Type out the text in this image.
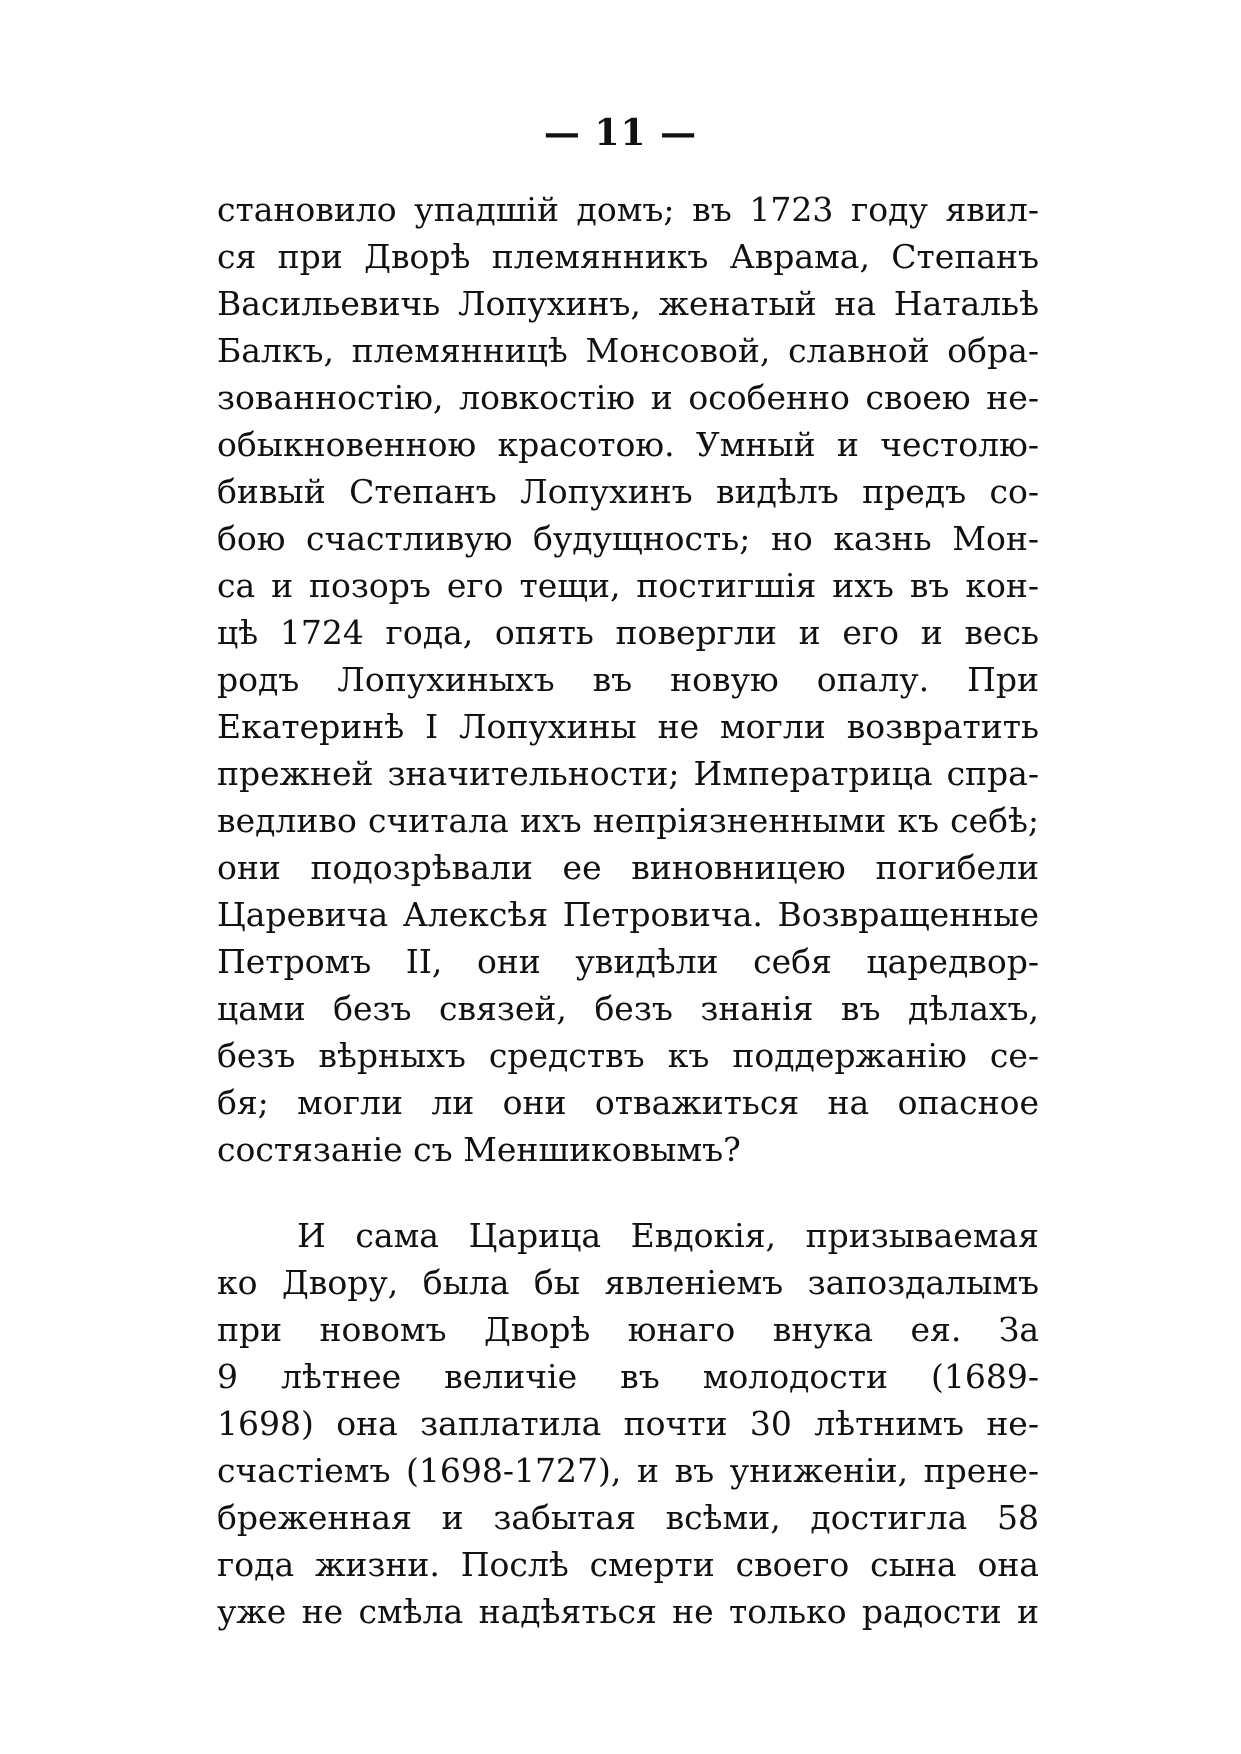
— 11 —
становило упадшій домъ; въ 1723 году явил-
ся при Дворѣ племянникъ Аврама, Степанъ
Васильевичь Лопухинъ, женатый на Натальѣ
Балкъ, племянницѣ Монсовой, славной обра-
зованностію, ловкостію и особенно своею не-
обыкновенною красотою. Умный и честолю-
бивый Степанъ Лопухинъ видѣлъ предъ со-
бою счастливую будущность; но казнь Мон-
са и позоръ его тещи, постигшія ихъ въ кон-
цѣ 1724 года, опять повергли и его и весь
родъ Лопухиныхъ въ новую опалу. При
Екатеринѣ I Лопухины не могли возвратить
прежней значительности; Императрица спра-
ведливо считала ихъ непріязненными къ себѣ;
они подозрѣвали ее виновницею погибели
Царевича Алексѣя Петровича. Возвращенные
Петромъ II, они увидѣли себя царедвор-
цами безъ связей, безъ знанія въ дѣлахъ,
безъ вѣрныхъ средствъ къ поддержанію се-
бя; могли ли они отважиться на опасное
состязаніе съ Меншиковымъ?
И сама Царица Евдокія, призываемая
ко Двору, была бы явленіемъ запоздалымъ
при новомъ Дворѣ юнаго внука ея. За
9 лѣтнее величіе въ молодости (1689-
1698) она заплатила почти 30 лѣтнимъ не-
счастіемъ (1698-1727), и въ униженіи, прене-
бреженная и забытая всѣми, достигла 58
года жизни. Послѣ смерти своего сына она
уже не смѣла надѣяться не только радости и
